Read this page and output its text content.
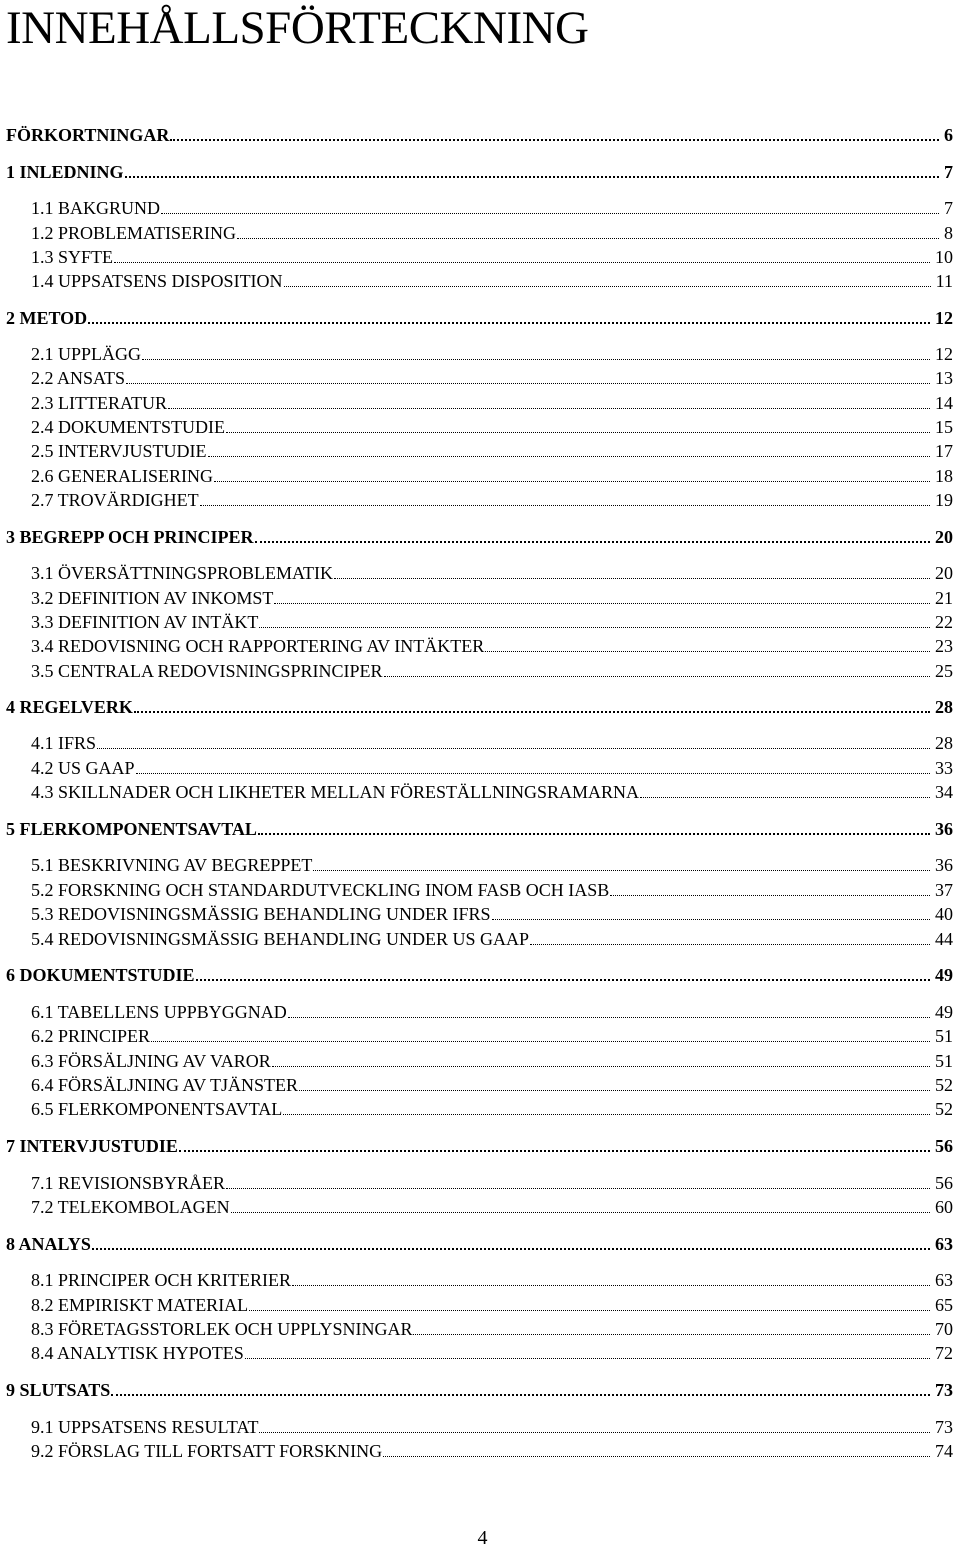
INNEHÅLLSFÖRTECKNING
FÖRKORTNINGAR	6
1 INLEDNING	7
1.1 BAKGRUND	7
1.2 PROBLEMATISERING	8
1.3 SYFTE	10
1.4 UPPSATSENS DISPOSITION	11
2 METOD	12
2.1 UPPLÄGG	12
2.2 ANSATS	13
2.3 LITTERATUR	14
2.4 DOKUMENTSTUDIE	15
2.5 INTERVJUSTUDIE	17
2.6 GENERALISERING	18
2.7 TROVÄRDIGHET	19
3 BEGREPP OCH PRINCIPER	20
3.1 ÖVERSÄTTNINGSPROBLEMATIK	20
3.2 DEFINITION AV INKOMST	21
3.3 DEFINITION AV INTÄKT	22
3.4 REDOVISNING OCH RAPPORTERING AV INTÄKTER	23
3.5 CENTRALA REDOVISNINGSPRINCIPER	25
4 REGELVERK	28
4.1 IFRS	28
4.2 US GAAP	33
4.3 SKILLNADER OCH LIKHETER MELLAN FÖRESTÄLLNINGSRAMARNA	34
5 FLERKOMPONENTSAVTAL	36
5.1 BESKRIVNING AV BEGREPPET	36
5.2 FORSKNING OCH STANDARDUTVECKLING INOM FASB OCH IASB	37
5.3 REDOVISNINGSMÄSSIG BEHANDLING UNDER IFRS	40
5.4 REDOVISNINGSMÄSSIG BEHANDLING UNDER US GAAP	44
6 DOKUMENTSTUDIE	49
6.1 TABELLENS UPPBYGGNAD	49
6.2 PRINCIPER	51
6.3 FÖRSÄLJNING AV VAROR	51
6.4 FÖRSÄLJNING AV TJÄNSTER	52
6.5 FLERKOMPONENTSAVTAL	52
7 INTERVJUSTUDIE	56
7.1 REVISIONSBYRÅER	56
7.2 TELEKOMBOLAGEN	60
8 ANALYS	63
8.1 PRINCIPER OCH KRITERIER	63
8.2 EMPIRISKT MATERIAL	65
8.3 FÖRETAGSSTORLEK OCH UPPLYSNINGAR	70
8.4 ANALYTISK HYPOTES	72
9 SLUTSATS	73
9.1 UPPSATSENS RESULTAT	73
9.2 FÖRSLAG TILL FORTSATT FORSKNING	74
4
